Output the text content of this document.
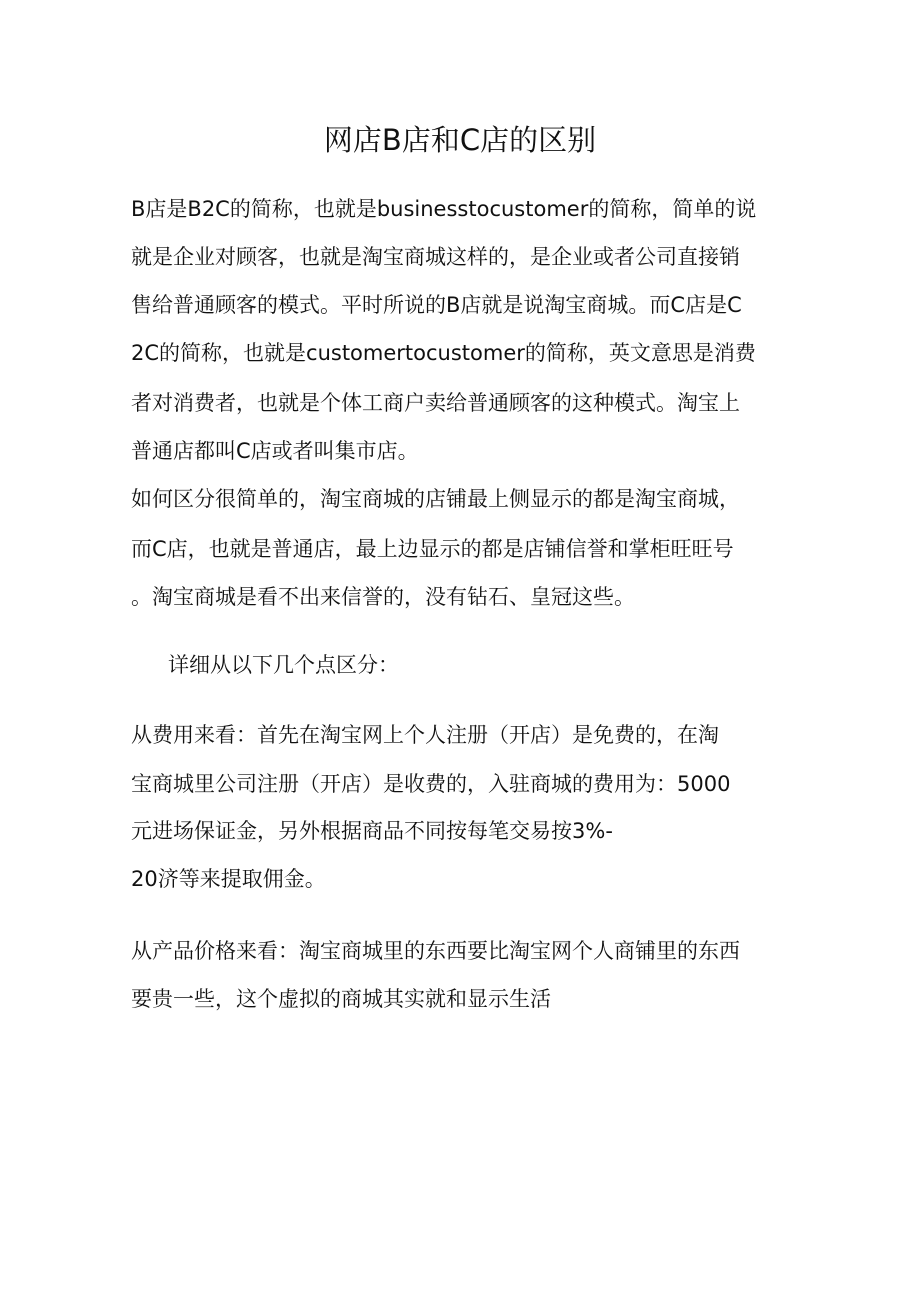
网店B店和C店的区别
B店是B2C的简称，也就是businesstocustomer的简称，简单的说
就是企业对顾客，也就是淘宝商城这样的，是企业或者公司直接销
售给普通顾客的模式。平时所说的B店就是说淘宝商城。而C店是C
2C的简称，也就是customertocustomer的简称，英文意思是消费
者对消费者，也就是个体工商户卖给普通顾客的这种模式。淘宝上
普通店都叫C店或者叫集市店。
如何区分很简单的，淘宝商城的店铺最上侧显示的都是淘宝商城，
而C店，也就是普通店，最上边显示的都是店铺信誉和掌柜旺旺号
。淘宝商城是看不出来信誉的，没有钻石、皇冠这些。
详细从以下几个点区分：
从费用来看：首先在淘宝网上个人注册（开店）是免费的，在淘
宝商城里公司注册（开店）是收费的，入驻商城的费用为：5000
元进场保证金，另外根据商品不同按每笔交易按3%-
20济等来提取佣金。
从产品价格来看：淘宝商城里的东西要比淘宝网个人商铺里的东西
要贵一些，这个虚拟的商城其实就和显示生活
